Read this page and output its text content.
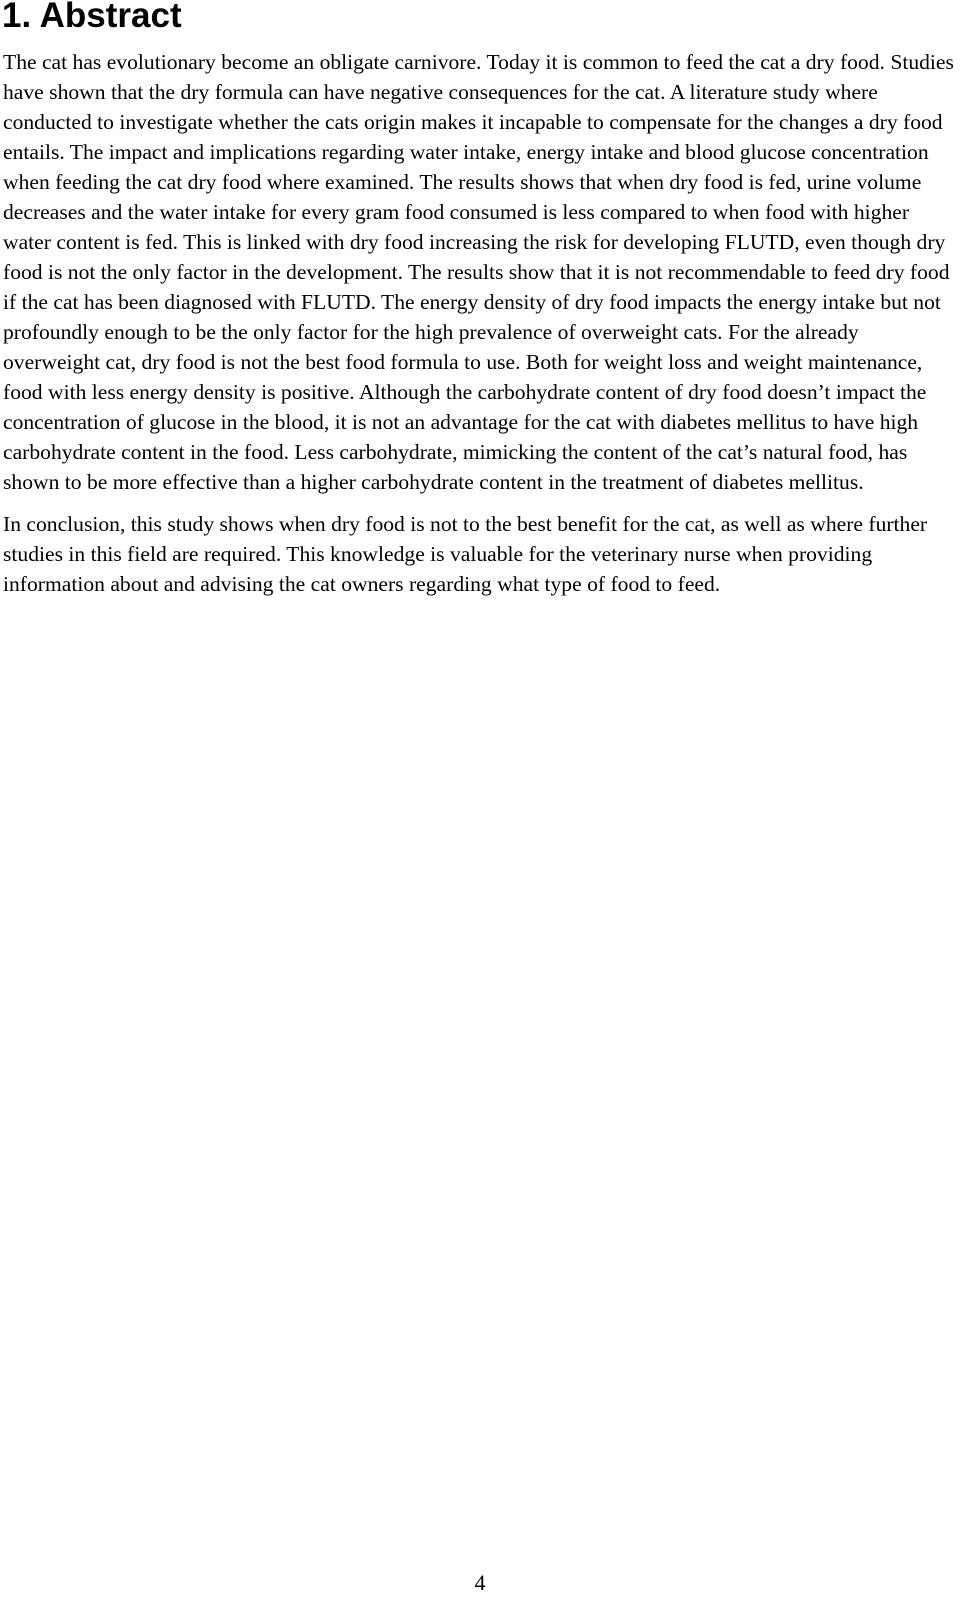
1. Abstract

The cat has evolutionary become an obligate carnivore. Today it is common to feed the cat a dry food. Studies have shown that the dry formula can have negative consequences for the cat. A literature study where conducted to investigate whether the cats origin makes it incapable to compensate for the changes a dry food entails. The impact and implications regarding water intake, energy intake and blood glucose concentration when feeding the cat dry food where examined. The results shows that when dry food is fed, urine volume decreases and the water intake for every gram food consumed is less compared to when food with higher water content is fed. This is linked with dry food increasing the risk for developing FLUTD, even though dry food is not the only factor in the development. The results show that it is not recommendable to feed dry food if the cat has been diagnosed with FLUTD. The energy density of dry food impacts the energy intake but not profoundly enough to be the only factor for the high prevalence of overweight cats. For the already overweight cat, dry food is not the best food formula to use. Both for weight loss and weight maintenance, food with less energy density is positive. Although the carbohydrate content of dry food doesn’t impact the concentration of glucose in the blood, it is not an advantage for the cat with diabetes mellitus to have high carbohydrate content in the food. Less carbohydrate, mimicking the content of the cat’s natural food, has shown to be more effective than a higher carbohydrate content in the treatment of diabetes mellitus.

In conclusion, this study shows when dry food is not to the best benefit for the cat, as well as where further studies in this field are required. This knowledge is valuable for the veterinary nurse when providing information about and advising the cat owners regarding what type of food to feed.

4
